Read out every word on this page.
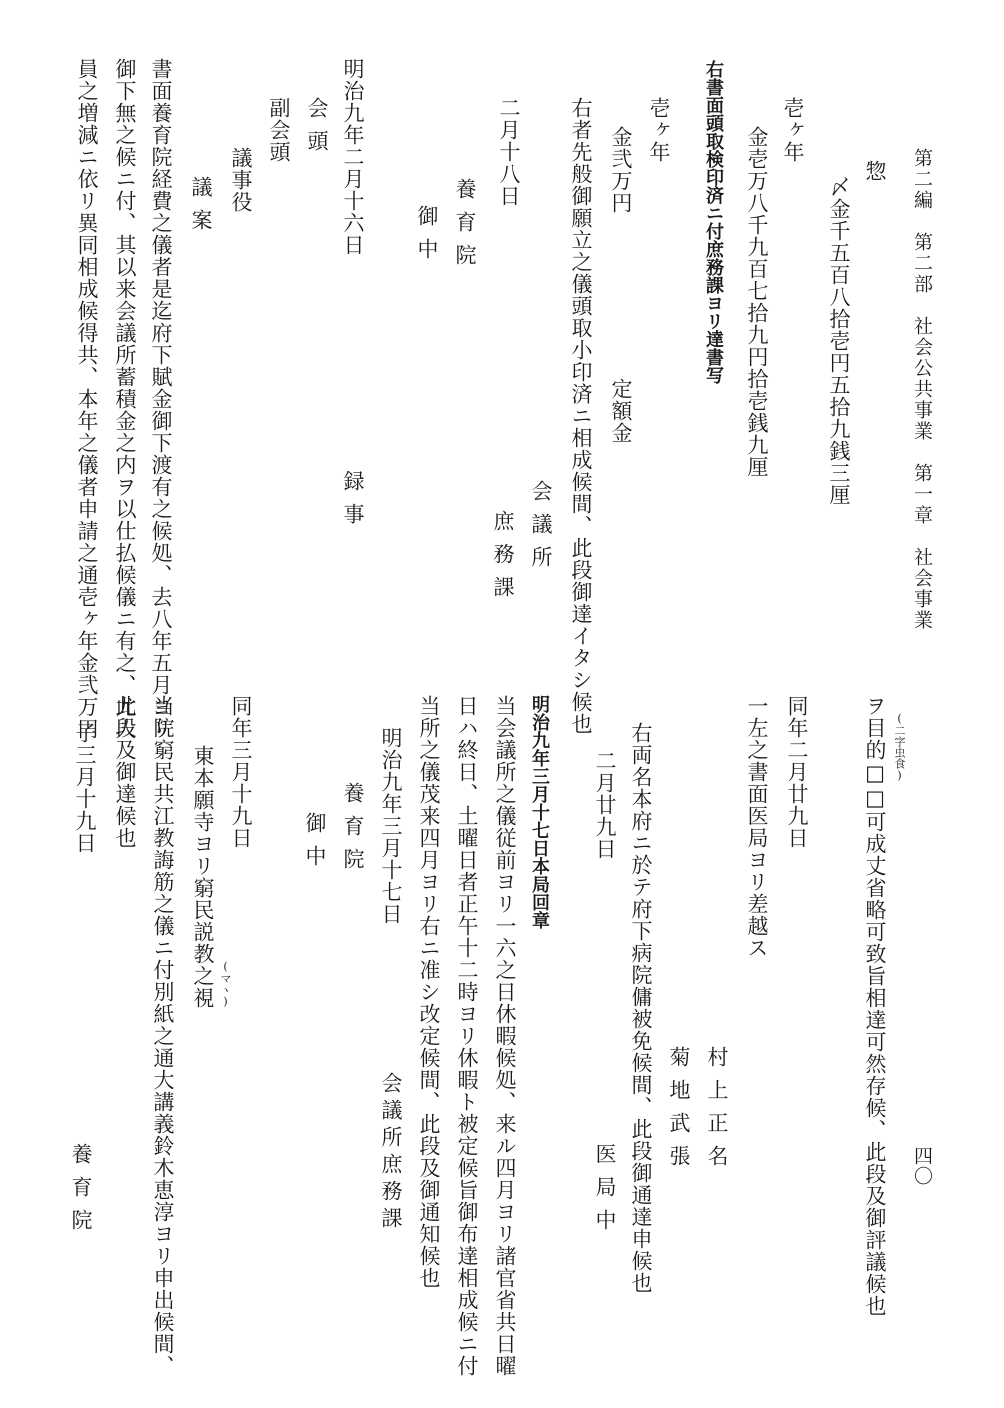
第二編　第二部　社会公共事業　第一章　社会事業
四〇
惣
〆金千五百八拾壱円五拾九銭三厘
壱ヶ年
金壱万八千九百七拾九円拾壱銭九厘
右書面頭取検印済ニ付庶務課ヨリ達書写
壱ヶ年
金弐万円
定額金
右者先般御願立之儀頭取小印済ニ相成候間、此段御達イタシ候也
会議所
庶務課
二月十八日
養育院
御中
明治九年二月十六日
録事
会頭
副会頭
議事役
議案
書面養育院経費之儀者是迄府下賦金御下渡有之候処、去八年五月ヨリ
御下無之候ニ付、其以来会議所蓄積金之内ヲ以仕払候儀ニ有之、尤人
員之増減ニ依リ異同相成候得共、本年之儀者申請之通壱ヶ年金弐万円
ヲ目的□□可成丈省略可致旨相達可然存候、此段及御評議候也 (二字虫食)
同年二月廿九日
一左之書面医局ヨリ差越ス
村上正名
菊地武張
右両名本府ニ於テ府下病院傭被免候間、此段御通達申候也
二月廿九日
医局中
明治九年三月十七日本局回章
当会議所之儀従前ヨリ一六之日休暇候処、来ル四月ヨリ諸官省共日曜
日ハ終日、土曜日者正午十二時ヨリ休暇ト被定候旨御布達相成候ニ付
当所之儀茂来四月ヨリ右ニ准シ改定候間、此段及御通知候也
明治九年三月十七日
会議所庶務課
養育院
御中
同年三月十九日
東本願寺ヨリ窮民説教之視 (マヽ)
当院窮民共江教誨筋之儀ニ付別紙之通大講義鈴木恵淳ヨリ申出候間、
此段及御達候也
子三月十九日
養育院
